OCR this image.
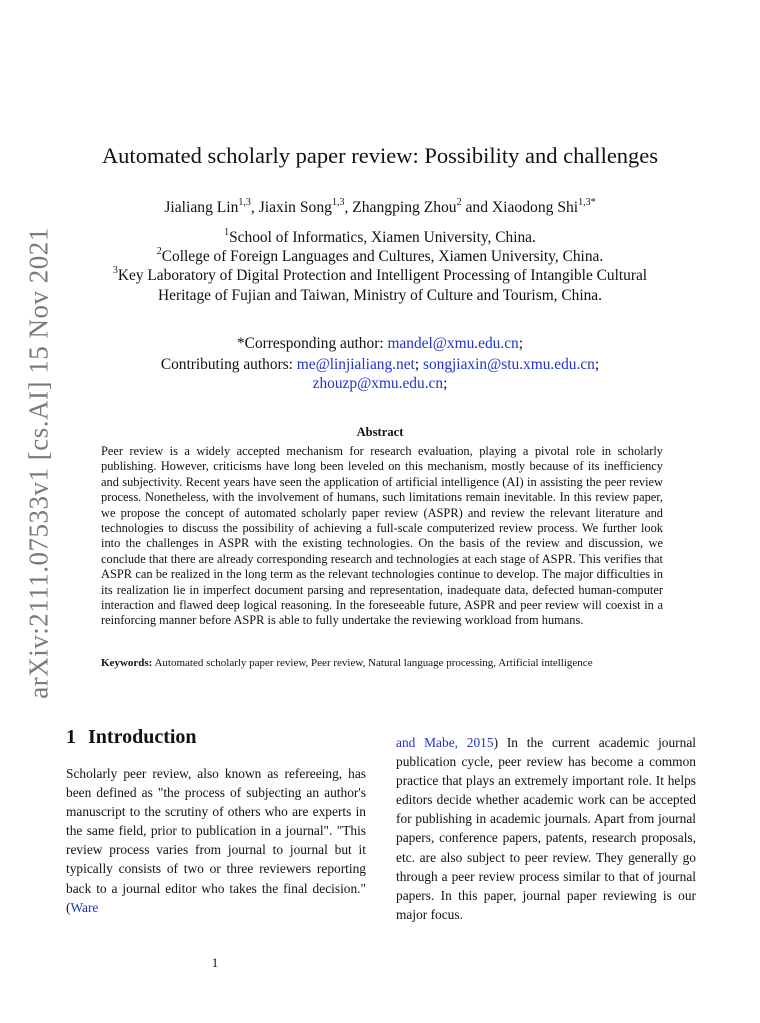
arXiv:2111.07533v1 [cs.AI] 15 Nov 2021
Automated scholarly paper review: Possibility and challenges
Jialiang Lin$^{1,3}$, Jiaxin Song$^{1,3}$, Zhangping Zhou$^2$ and Xiaodong Shi$^{1,3*}$
$^1$School of Informatics, Xiamen University, China.
$^2$College of Foreign Languages and Cultures, Xiamen University, China.
$^3$Key Laboratory of Digital Protection and Intelligent Processing of Intangible Cultural
Heritage of Fujian and Taiwan, Ministry of Culture and Tourism, China.
*Corresponding author: mandel@xmu.edu.cn;
Contributing authors: me@linjialiang.net; songjiaxin@stu.xmu.edu.cn;
zhouzp@xmu.edu.cn;
Abstract

Peer review is a widely accepted mechanism for research evaluation, playing a pivotal role in scholarly publishing. However, criticisms have long been leveled on this mechanism, mostly because of its inefficiency and subjectivity. Recent years have seen the application of artificial intelligence (AI) in assisting the peer review process. Nonetheless, with the involvement of humans, such limitations remain inevitable. In this review paper, we propose the concept of automated scholarly paper review (ASPR) and review the relevant literature and technologies to discuss the possibility of achieving a full-scale computerized review process. We further look into the challenges in ASPR with the existing technologies. On the basis of the review and discussion, we conclude that there are already corresponding research and technologies at each stage of ASPR. This verifies that ASPR can be realized in the long term as the relevant technologies continue to develop. The major difficulties in its realization lie in imperfect document parsing and representation, inadequate data, defected human-computer interaction and flawed deep logical reasoning. In the foreseeable future, ASPR and peer review will coexist in a reinforcing manner before ASPR is able to fully undertake the reviewing workload from humans.

Keywords: Automated scholarly paper review, Peer review, Natural language processing, Artificial intelligence

1 Introduction

Scholarly peer review, also known as refereeing, has been defined as "the process of subjecting an author's manuscript to the scrutiny of others who are experts in the same field, prior to publication in a journal". "This review process varies from journal to journal but it typically consists of two or three reviewers reporting back to a journal editor who takes the final decision." (Ware

and Mabe, 2015) In the current academic journal publication cycle, peer review has become a common practice that plays an extremely important role. It helps editors decide whether academic work can be accepted for publishing in academic journals. Apart from journal papers, conference papers, patents, research proposals, etc. are also subject to peer review. They generally go through a peer review process similar to that of journal papers. In this paper, journal paper reviewing is our major focus.

1
